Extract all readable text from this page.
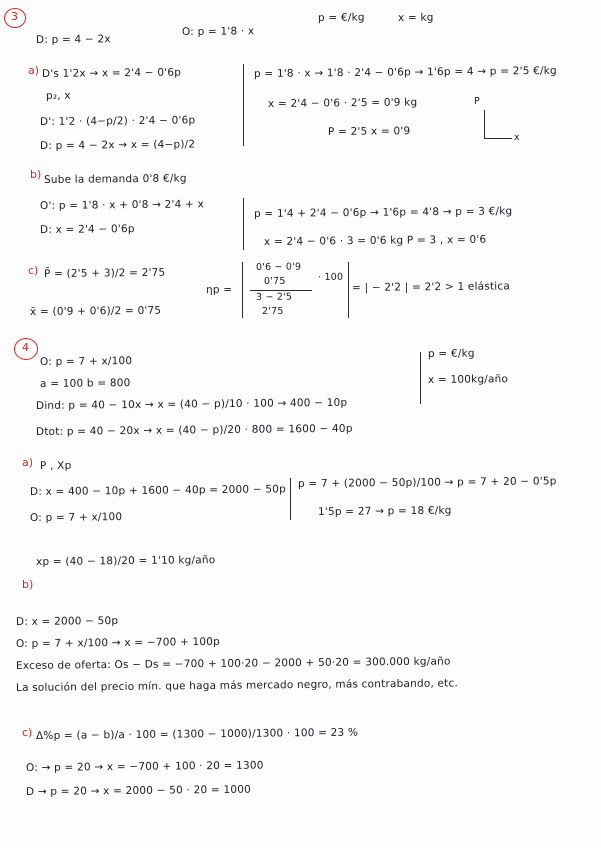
3
D: p = 4 − 2x
O: p = 1'8 · x
p = €/kg	x = kg
a) D's 1'2x → x = 2'4 − 0'6p
p₂, x
D': 1'2 · (4−p/2) · 2'4 − 0'6p
D: p = 4 − 2x → x = (4−p)/2
p = 1'8 · x → 1'8 · 2'4 − 0'6p → 1'6p = 4 → p = 2'5 €/kg
x = 2'4 − 0'6 · 2'5 = 0'9 kg
P = 2'5 x = 0'9
P
x
b) Sube la demanda 0'8 €/kg
O': p = 1'8 · x + 0'8 → 2'4 + x
D: x = 2'4 − 0'6p
p = 1'4 + 2'4 − 0'6p → 1'6p = 4'8 → p = 3 €/kg
x = 2'4 − 0'6 · 3 = 0'6 kg P = 3 , x = 0'6
c) P̄ = (2'5 + 3)/2 = 2'75
x̄ = (0'9 + 0'6)/2 = 0'75
ηp =
0'6 − 0'9
0'75
3 − 2'5
2'75
· 100
= | − 2'2 | = 2'2 > 1 elástica
4
O: p = 7 + x/100
a = 100 b = 800
Dind: p = 40 − 10x → x = (40 − p)/10 · 100 → 400 − 10p
Dtot: p = 40 − 20x → x = (40 − p)/20 · 800 = 1600 − 40p
p = €/kg
x = 100kg/año
a) P , Xp
D: x = 400 − 10p + 1600 − 40p = 2000 − 50p
O: p = 7 + x/100
p = 7 + (2000 − 50p)/100 → p = 7 + 20 − 0'5p
1'5p = 27 → p = 18 €/kg
xp = (40 − 18)/20 = 1'10 kg/año
b)
D: x = 2000 − 50p
O: p = 7 + x/100 → x = −700 + 100p
Exceso de oferta: Os − Ds = −700 + 100·20 − 2000 + 50·20 = 300.000 kg/año
La solución del precio mín. que haga más mercado negro, más contrabando, etc.
c) Δ%p = (a − b)/a · 100 = (1300 − 1000)/1300 · 100 = 23 %
O: → p = 20 → x = −700 + 100 · 20 = 1300
D → p = 20 → x = 2000 − 50 · 20 = 1000
